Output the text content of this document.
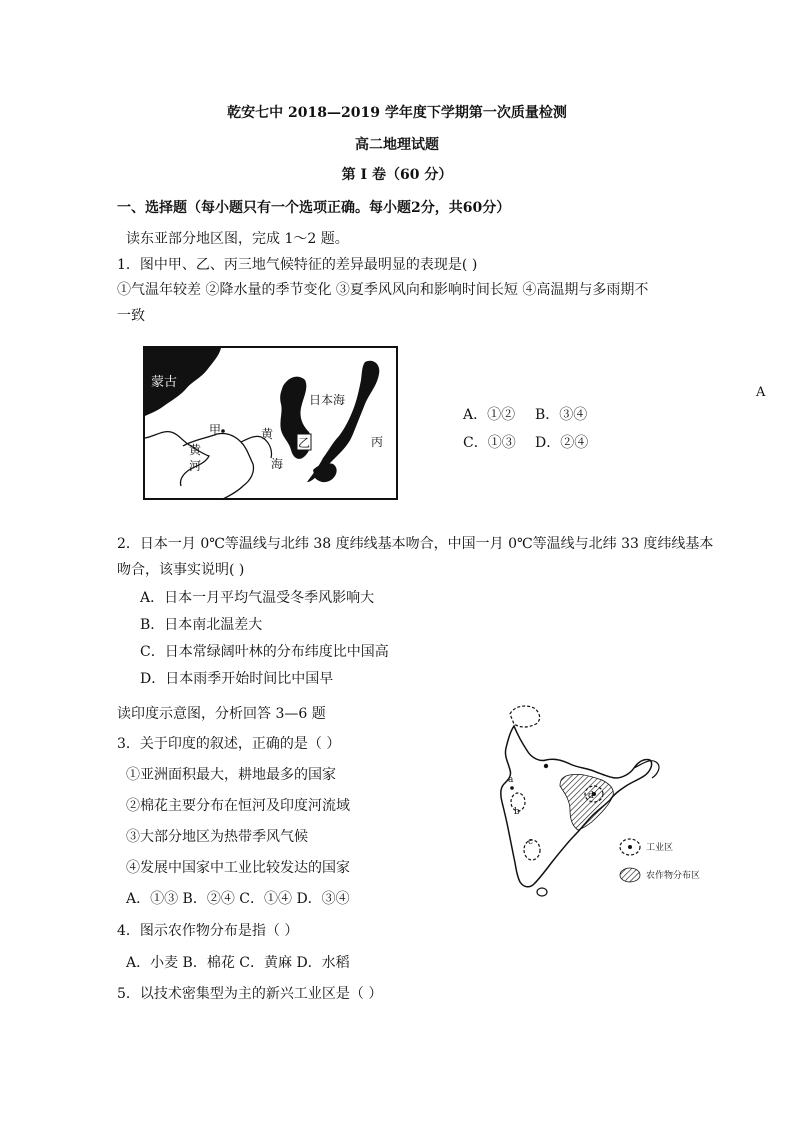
乾安七中 2018—2019 学年度下学期第一次质量检测
高二地理试题
第 I 卷（60 分）
一、选择题（每小题只有一个选项正确。每小题2分，共60分）
读东亚部分地区图，完成 1～2 题。
1．图中甲、乙、丙三地气候特征的差异最明显的表现是( )
①气温年较差 ②降水量的季节变化 ③夏季风风向和影响时间长短 ④高温期与多雨期不
一致
蒙古
甲
黄
河
黄
海
日本海
乙	丙
A．①② B．③④
C．①③ D．②④
A
2．日本一月 0℃等温线与北纬 38 度纬线基本吻合，中国一月 0℃等温线与北纬 33 度纬线基本
吻合，该事实说明( )
A．日本一月平均气温受冬季风影响大
B．日本南北温差大
C．日本常绿阔叶林的分布纬度比中国高
D．日本雨季开始时间比中国早
读印度示意图，分析回答 3—6 题
3．关于印度的叙述，正确的是（ ）
①亚洲面积最大，耕地最多的国家
②棉花主要分布在恒河及印度河流域
③大部分地区为热带季风气候
④发展中国家中工业比较发达的国家
A．①③ B．②④ C．①④ D．③④
4．图示农作物分布是指（ ）
A．小麦 B．棉花 C．黄麻 D．水稻
5．以技术密集型为主的新兴工业区是（ ）
a
b
c
d
工业区
农作物分布区
